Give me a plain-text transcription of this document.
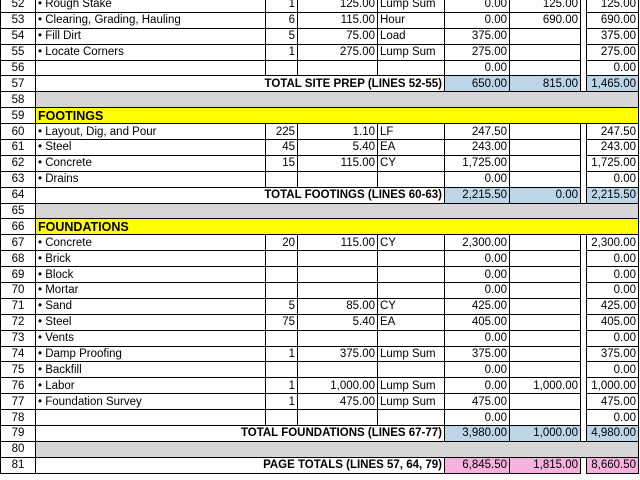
52	• Rough Stake	1	125.00	Lump Sum	0.00	125.00		125.00
53	• Clearing, Grading, Hauling	6	115.00	Hour	0.00	690.00		690.00
54	• Fill Dirt	5	75.00	Load	375.00			375.00
55	• Locate Corners	1	275.00	Lump Sum	275.00			275.00
56					0.00			0.00
57	TOTAL SITE PREP (LINES 52-55)				650.00	815.00		1,465.00
58								
59	FOOTINGS							
60	• Layout, Dig, and Pour	225	1.10	LF	247.50			247.50
61	• Steel	45	5.40	EA	243.00			243.00
62	• Concrete	15	115.00	CY	1,725.00			1,725.00
63	• Drains				0.00			0.00
64	TOTAL FOOTINGS (LINES 60-63)				2,215.50	0.00		2,215.50
65								
66	FOUNDATIONS							
67	• Concrete	20	115.00	CY	2,300.00			2,300.00
68	• Brick				0.00			0.00
69	• Block				0.00			0.00
70	• Mortar				0.00			0.00
71	• Sand	5	85.00	CY	425.00			425.00
72	• Steel	75	5.40	EA	405.00			405.00
73	• Vents				0.00			0.00
74	• Damp Proofing	1	375.00	Lump Sum	375.00			375.00
75	• Backfill				0.00			0.00
76	• Labor	1	1,000.00	Lump Sum	0.00	1,000.00		1,000.00
77	• Foundation Survey	1	475.00	Lump Sum	475.00			475.00
78					0.00			0.00
79	TOTAL FOUNDATIONS (LINES 67-77)				3,980.00	1,000.00		4,980.00
80								
81	PAGE TOTALS (LINES 57, 64, 79)				6,845.50	1,815.00		8,660.50
